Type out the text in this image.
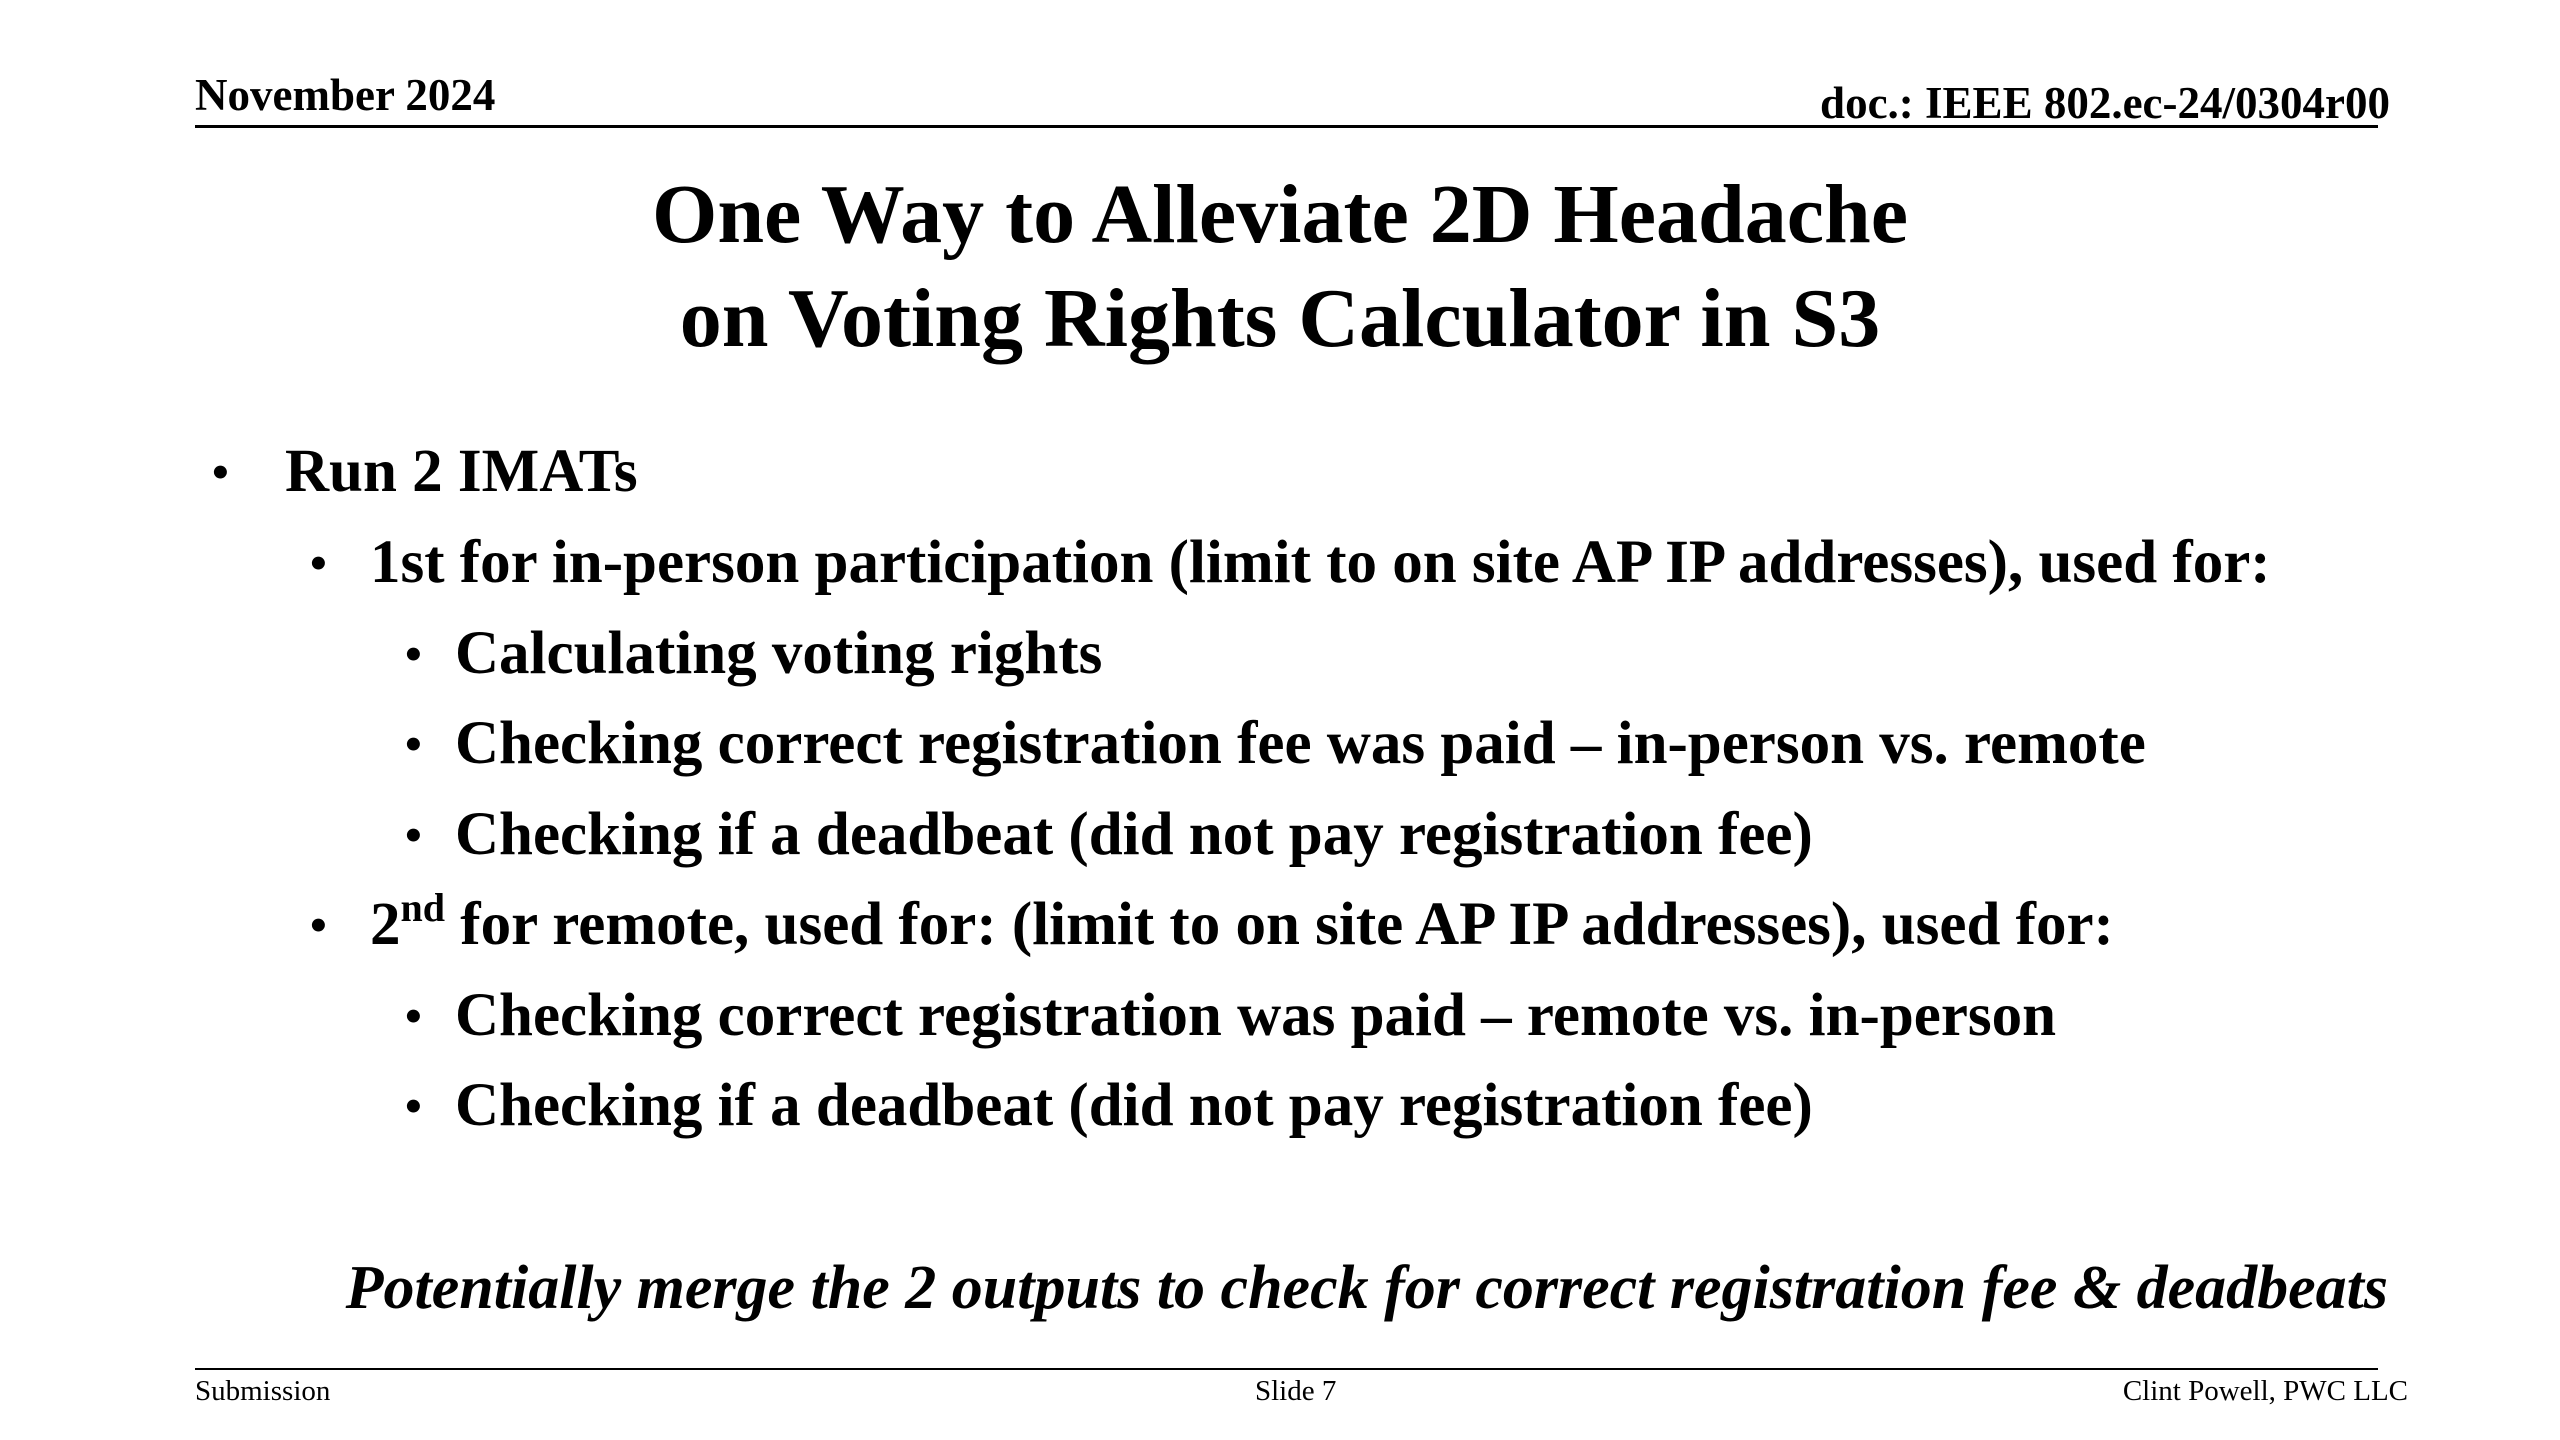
November 2024	doc.: IEEE 802.ec-24/0304r00
One Way to Alleviate 2D Headache
on Voting Rights Calculator in S3
• Run 2 IMATs
• 1st for in-person participation (limit to on site AP IP addresses), used for:
• Calculating voting rights
• Checking correct registration fee was paid – in-person vs. remote
• Checking if a deadbeat (did not pay registration fee)
• 2nd for remote, used for: (limit to on site AP IP addresses), used for:
• Checking correct registration was paid – remote vs. in-person
• Checking if a deadbeat (did not pay registration fee)
Potentially merge the 2 outputs to check for correct registration fee & deadbeats
Submission	Slide 7	Clint Powell, PWC LLC
